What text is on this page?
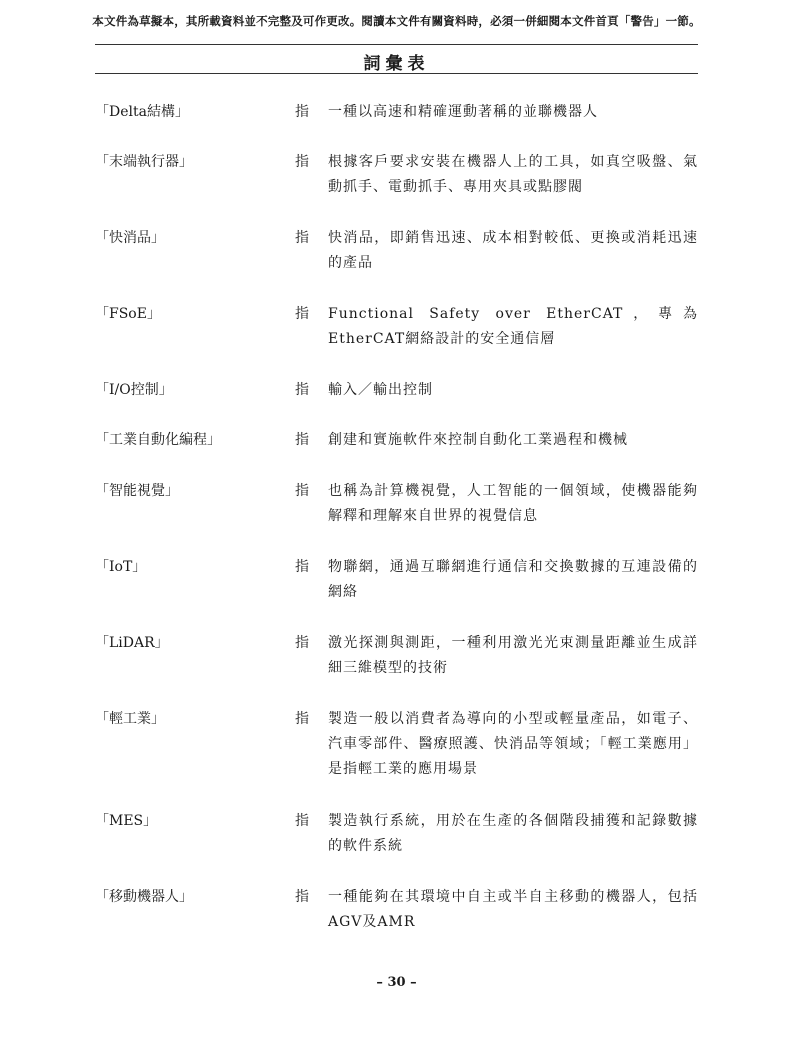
本文件為草擬本，其所載資料並不完整及可作更改。閱讀本文件有關資料時，必須一併細閱本文件首頁「警告」一節。
詞彙表
「Delta結構」	指 一種以高速和精確運動著稱的並聯機器人
「末端執行器」	指 根據客戶要求安裝在機器人上的工具，如真空吸盤、氣動抓手、電動抓手、專用夾具或點膠閥
「快消品」	指 快消品，即銷售迅速、成本相對較低、更換或消耗迅速的產品
「FSoE」	指 Functional Safety over EtherCAT，專為EtherCAT網絡設計的安全通信層
「I/O控制」	指 輸入／輸出控制
「工業自動化編程」	指 創建和實施軟件來控制自動化工業過程和機械
「智能視覺」	指 也稱為計算機視覺，人工智能的一個領域，使機器能夠解釋和理解來自世界的視覺信息
「IoT」	指 物聯網，通過互聯網進行通信和交換數據的互連設備的網絡
「LiDAR」	指 激光探測與測距，一種利用激光光束測量距離並生成詳細三維模型的技術
「輕工業」	指 製造一般以消費者為導向的小型或輕量產品，如電子、汽車零部件、醫療照護、快消品等領域；「輕工業應用」是指輕工業的應用場景
「MES」	指 製造執行系統，用於在生產的各個階段捕獲和記錄數據的軟件系統
「移動機器人」	指 一種能夠在其環境中自主或半自主移動的機器人，包括AGV及AMR
– 30 –
